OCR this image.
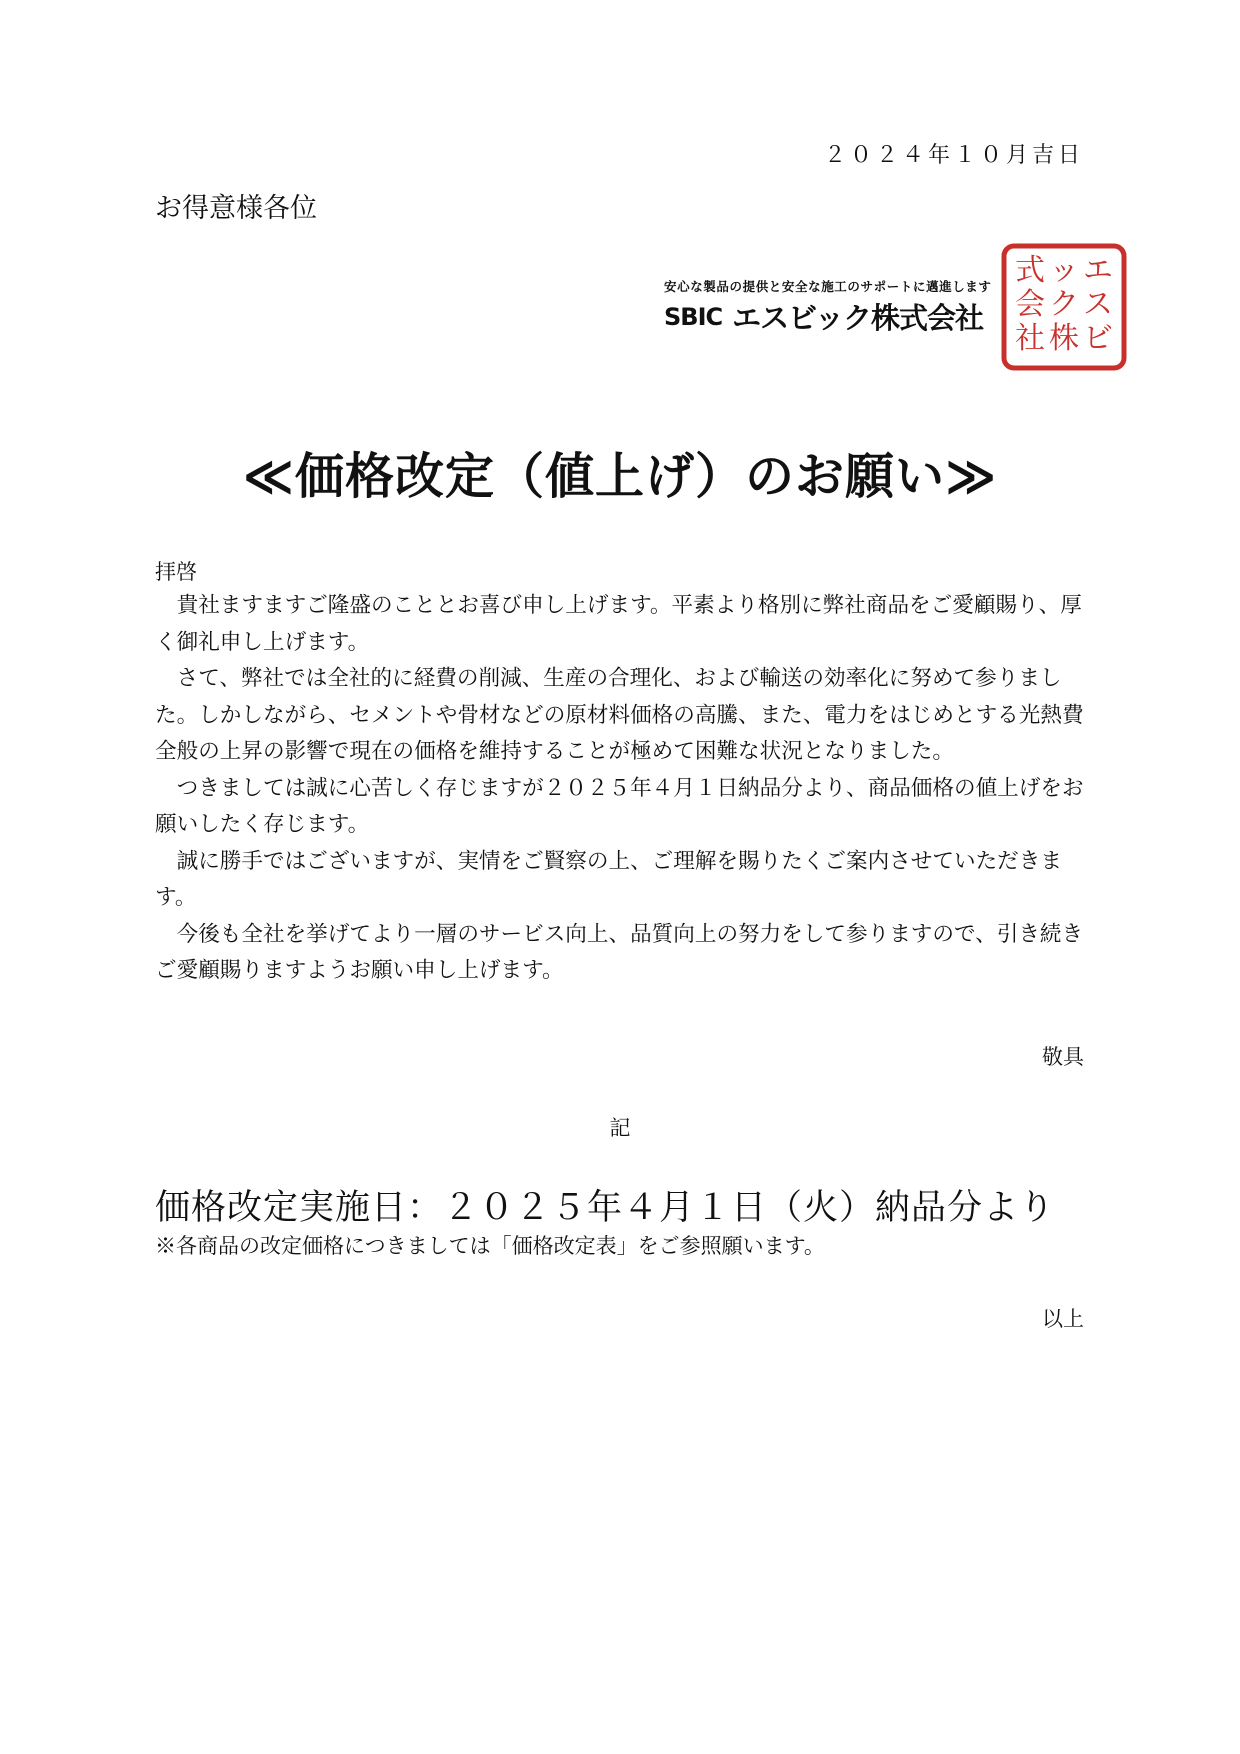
２０２４年１０月吉日
お得意様各位
安心な製品の提供と安全な施工のサポートに邁進します
SBIC エスビック株式会社
エ
ス
ビ
ッ
ク
株
式
会
社
≪価格改定（値上げ）のお願い≫
拝啓

貴社ますますご隆盛のこととお喜び申し上げます。平素より格別に弊社商品をご愛顧賜り、厚く御礼申し上げます。

さて、弊社では全社的に経費の削減、生産の合理化、および輸送の効率化に努めて参りました。しかしながら、セメントや骨材などの原材料価格の高騰、また、電力をはじめとする光熱費全般の上昇の影響で現在の価格を維持することが極めて困難な状況となりました。

つきましては誠に心苦しく存じますが２０２５年４月１日納品分より、商品価格の値上げをお願いしたく存じます。

誠に勝手ではございますが、実情をご賢察の上、ご理解を賜りたくご案内させていただきます。

今後も全社を挙げてより一層のサービス向上、品質向上の努力をして参りますので、引き続きご愛顧賜りますようお願い申し上げます。

敬具
記
価格改定実施日：２０２５年４月１日（火）納品分より
※各商品の改定価格につきましては「価格改定表」をご参照願います。
以上
